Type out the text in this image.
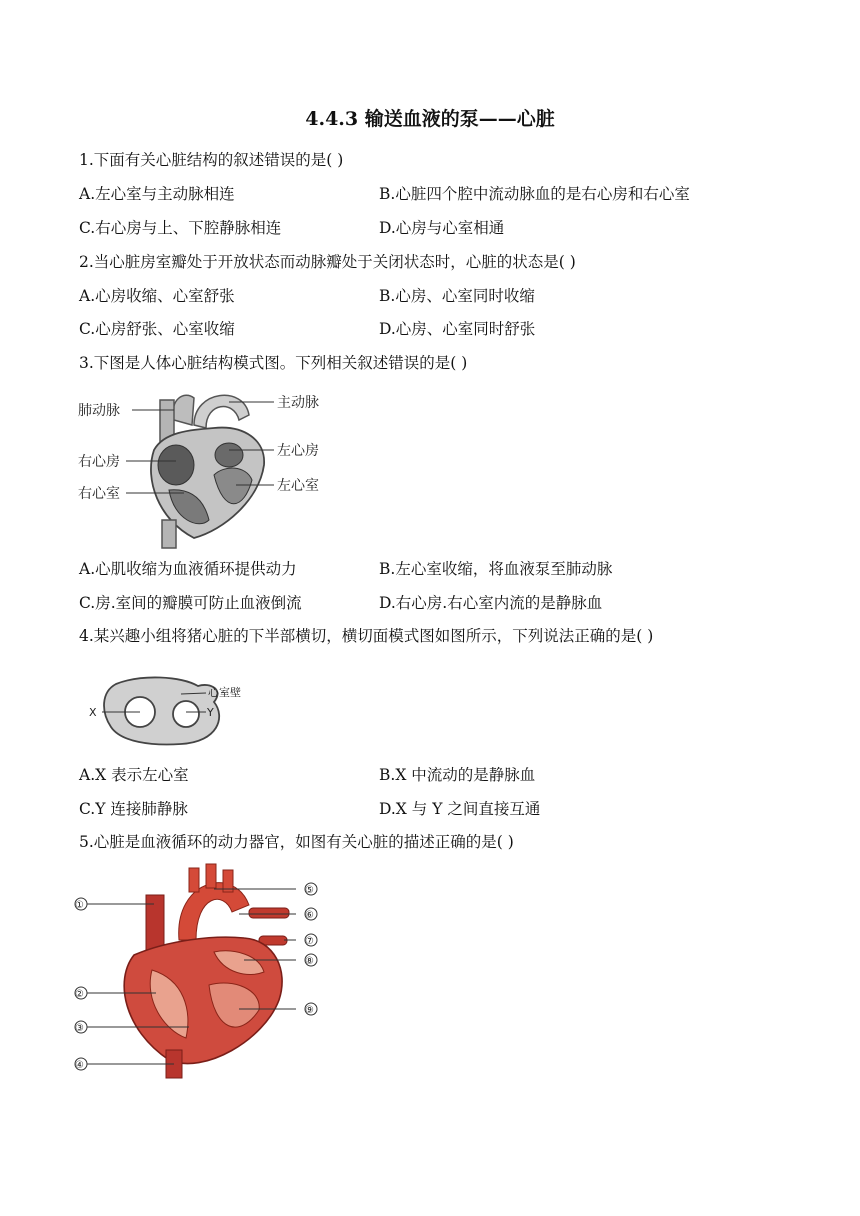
4.4.3 输送血液的泵——心脏
1.下面有关心脏结构的叙述错误的是( )
A.左心室与主动脉相连	B.心脏四个腔中流动脉血的是右心房和右心室
C.右心房与上、下腔静脉相连	D.心房与心室相通
2.当心脏房室瓣处于开放状态而动脉瓣处于关闭状态时，心脏的状态是( )
A.心房收缩、心室舒张	B.心房、心室同时收缩
C.心房舒张、心室收缩	D.心房、心室同时舒张
3.下图是人体心脏结构模式图。下列相关叙述错误的是( )
肺动脉	主动脉
右心房
左心房
右心室	左心室
A.心肌收缩为血液循环提供动力	B.左心室收缩，将血液泵至肺动脉
C.房.室间的瓣膜可防止血液倒流	D.右心房.右心室内流的是静脉血
4.某兴趣小组将猪心脏的下半部横切，横切面模式图如图所示，下列说法正确的是( )
X	Y
心室壁
A.X 表示左心室	B.X 中流动的是静脉血
C.Y 连接肺静脉	D.X 与 Y 之间直接互通
5.心脏是血液循环的动力器官，如图有关心脏的描述正确的是( )
①
②
③
④
⑤
⑥
⑦
⑧
⑨
